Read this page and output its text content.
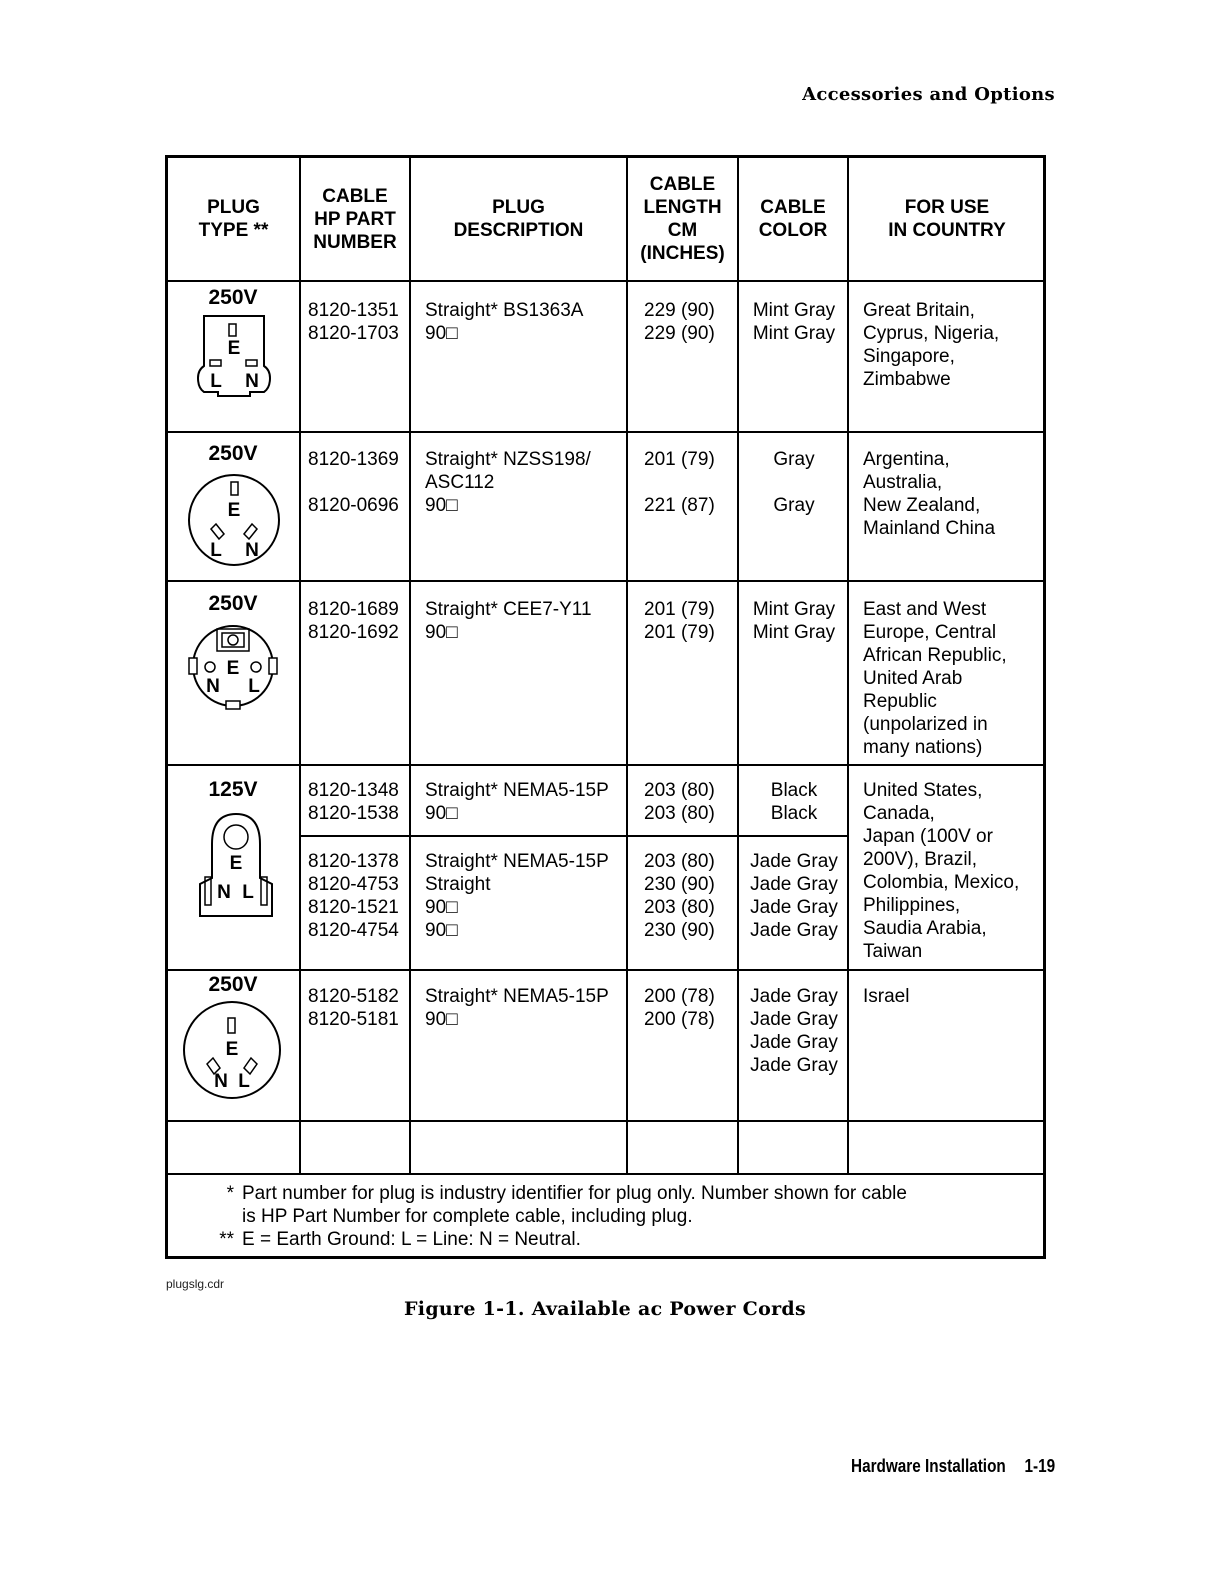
Accessories and Options
PLUG
TYPE **
CABLE
HP PART
NUMBER
PLUG
DESCRIPTION
CABLE
LENGTH
CM
(INCHES)
CABLE
COLOR
FOR USE
IN COUNTRY
250V
E
L N
8120-1351
8120-1703
Straight* BS1363A
90□
229 (90)
229 (90)
Mint Gray
Mint Gray
Great Britain,
Cyprus, Nigeria,
Singapore,
Zimbabwe
250V
E
L N
8120-1369

8120-0696
Straight* NZSS198/
ASC112
90□
201 (79)

221 (87)
Gray

Gray
Argentina,
Australia,
New Zealand,
Mainland China
250V
E
N L
8120-1689
8120-1692
Straight* CEE7-Y11
90□
201 (79)
201 (79)
Mint Gray
Mint Gray
East and West
Europe, Central
African Republic,
United Arab
Republic
(unpolarized in
many nations)
125V
E
N L
8120-1348
8120-1538
Straight* NEMA5-15P
90□
203 (80)
203 (80)
Black
Black
8120-1378
8120-4753
8120-1521
8120-4754
Straight* NEMA5-15P
Straight
90□
90□
203 (80)
230 (90)
203 (80)
230 (90)
Jade Gray
Jade Gray
Jade Gray
Jade Gray
United States,
Canada,
Japan (100V or
200V), Brazil,
Colombia, Mexico,
Philippines,
Saudia Arabia,
Taiwan
250V
E
N L
8120-5182
8120-5181
Straight* NEMA5-15P
90□
200 (78)
200 (78)
Jade Gray
Jade Gray
Jade Gray
Jade Gray
Israel
* Part number for plug is industry identifier for plug only. Number shown for cable
is HP Part Number for complete cable, including plug.
** E = Earth Ground: L = Line: N = Neutral.
plugslg.cdr
Figure 1-1. Available ac Power Cords
Hardware Installation 1-19
